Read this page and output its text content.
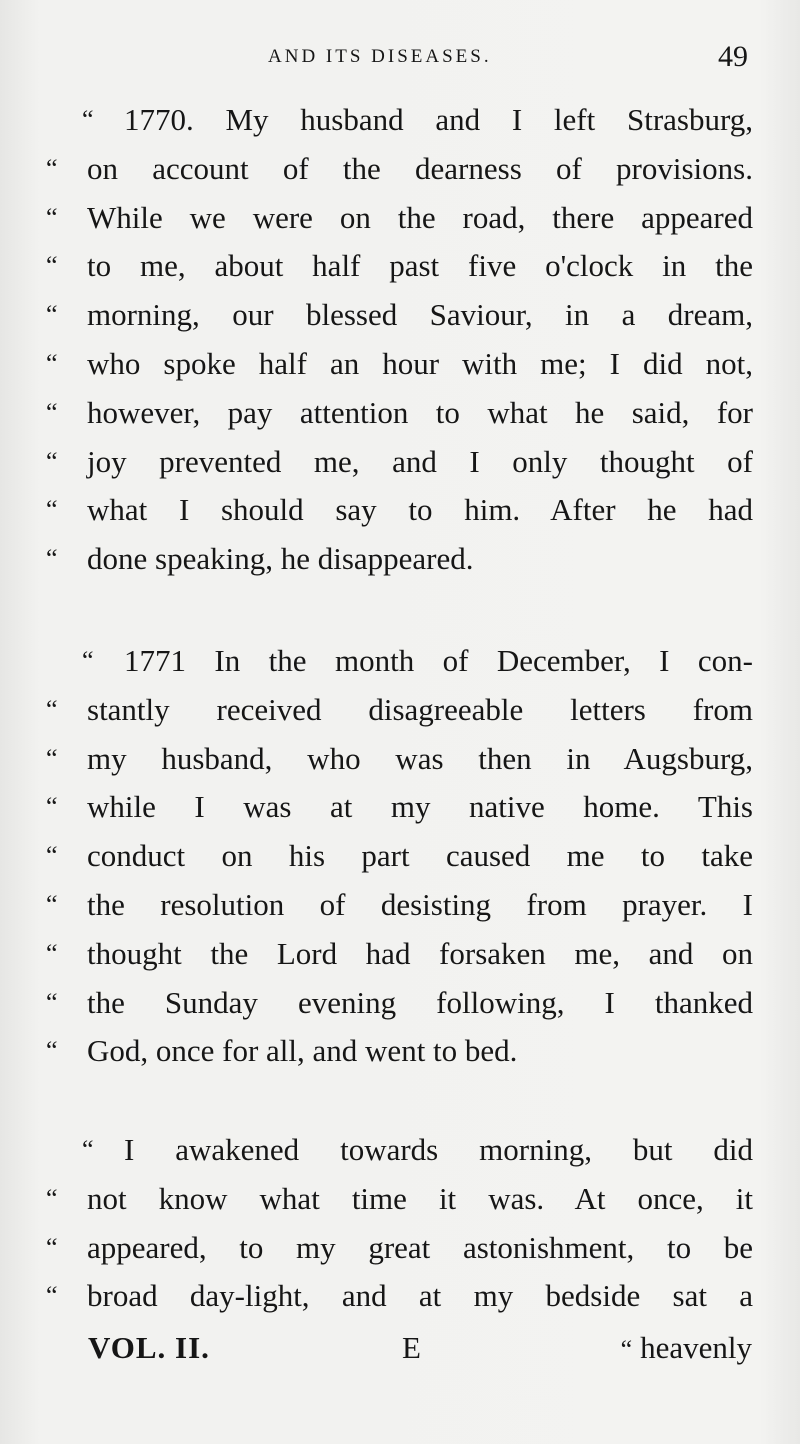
AND ITS DISEASES.	49
“ 1770. My husband and I left Strasburg,
“ on account of the dearness of provisions.
“ While we were on the road, there appeared
“ to me, about half past five o'clock in the
“ morning, our blessed Saviour, in a dream,
“ who spoke half an hour with me; I did not,
“ however, pay attention to what he said, for
“ joy prevented me, and I only thought of
“ what I should say to him. After he had
“ done speaking, he disappeared.
“ 1771 In the month of December, I con-
“ stantly received disagreeable letters from
“ my husband, who was then in Augsburg,
“ while I was at my native home. This
“ conduct on his part caused me to take
“ the resolution of desisting from prayer. I
“ thought the Lord had forsaken me, and on
“ the Sunday evening following, I thanked
“ God, once for all, and went to bed.
“ I awakened towards morning, but did
“ not know what time it was. At once, it
“ appeared, to my great astonishment, to be
“ broad day-light, and at my bedside sat a
VOL. II.	E	“ heavenly
